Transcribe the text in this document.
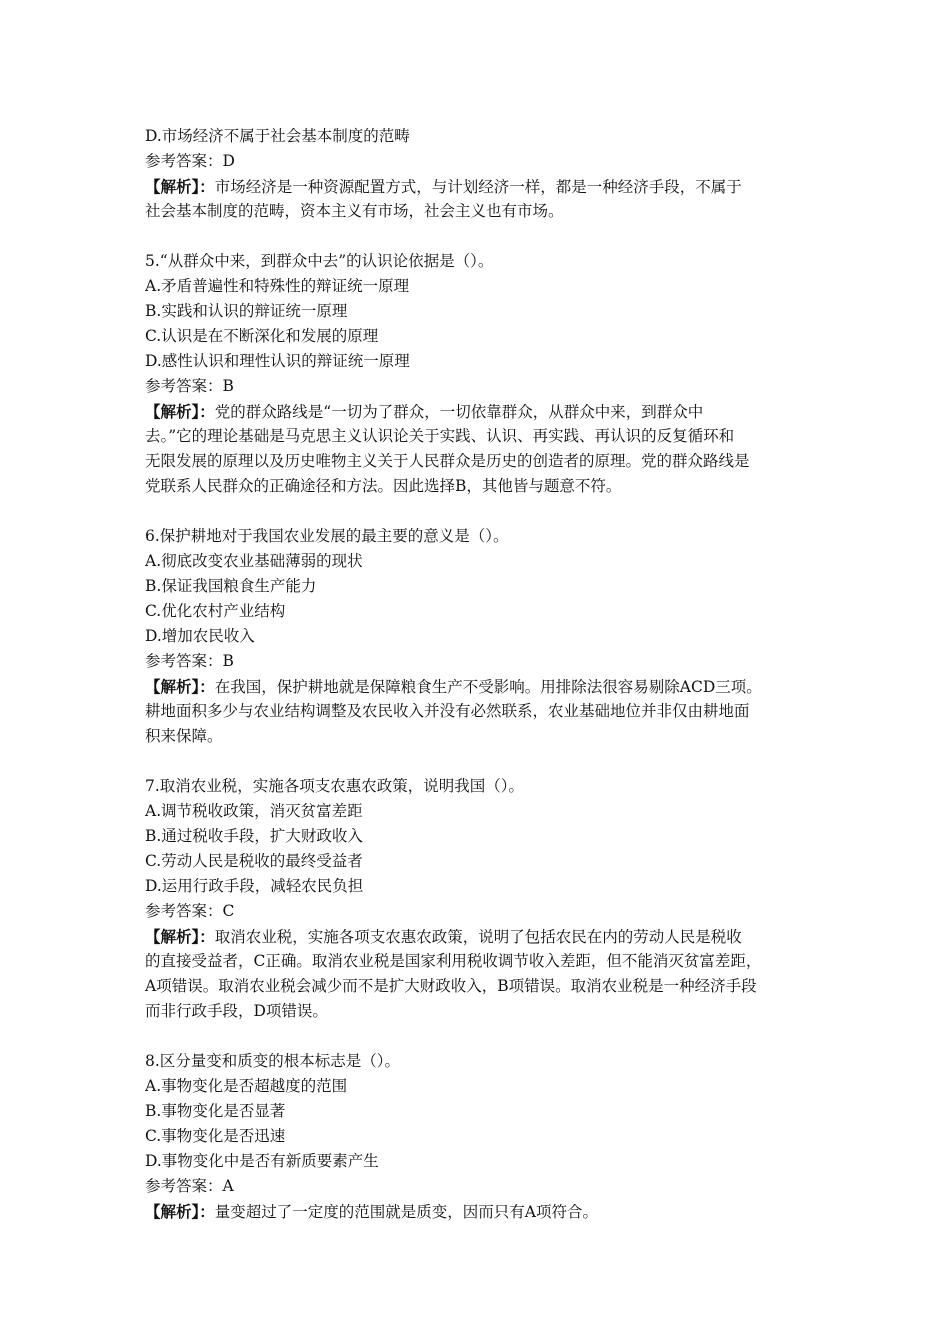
D.市场经济不属于社会基本制度的范畴
参考答案：D
【解析】：市场经济是一种资源配置方式，与计划经济一样，都是一种经济手段，不属于
社会基本制度的范畴，资本主义有市场，社会主义也有市场。
5.“从群众中来，到群众中去”的认识论依据是（）。
A.矛盾普遍性和特殊性的辩证统一原理
B.实践和认识的辩证统一原理
C.认识是在不断深化和发展的原理
D.感性认识和理性认识的辩证统一原理
参考答案：B
【解析】：党的群众路线是“一切为了群众，一切依靠群众，从群众中来，到群众中
去。”它的理论基础是马克思主义认识论关于实践、认识、再实践、再认识的反复循环和
无限发展的原理以及历史唯物主义关于人民群众是历史的创造者的原理。党的群众路线是
党联系人民群众的正确途径和方法。因此选择B，其他皆与题意不符。
6.保护耕地对于我国农业发展的最主要的意义是（）。
A.彻底改变农业基础薄弱的现状
B.保证我国粮食生产能力
C.优化农村产业结构
D.增加农民收入
参考答案：B
【解析】：在我国，保护耕地就是保障粮食生产不受影响。用排除法很容易剔除ACD三项。
耕地面积多少与农业结构调整及农民收入并没有必然联系，农业基础地位并非仅由耕地面
积来保障。
7.取消农业税，实施各项支农惠农政策，说明我国（）。
A.调节税收政策，消灭贫富差距
B.通过税收手段，扩大财政收入
C.劳动人民是税收的最终受益者
D.运用行政手段，减轻农民负担
参考答案：C
【解析】：取消农业税，实施各项支农惠农政策，说明了包括农民在内的劳动人民是税收
的直接受益者，C正确。取消农业税是国家利用税收调节收入差距，但不能消灭贫富差距，
A项错误。取消农业税会减少而不是扩大财政收入，B项错误。取消农业税是一种经济手段
而非行政手段，D项错误。
8.区分量变和质变的根本标志是（）。
A.事物变化是否超越度的范围
B.事物变化是否显著
C.事物变化是否迅速
D.事物变化中是否有新质要素产生
参考答案：A
【解析】：量变超过了一定度的范围就是质变，因而只有A项符合。
